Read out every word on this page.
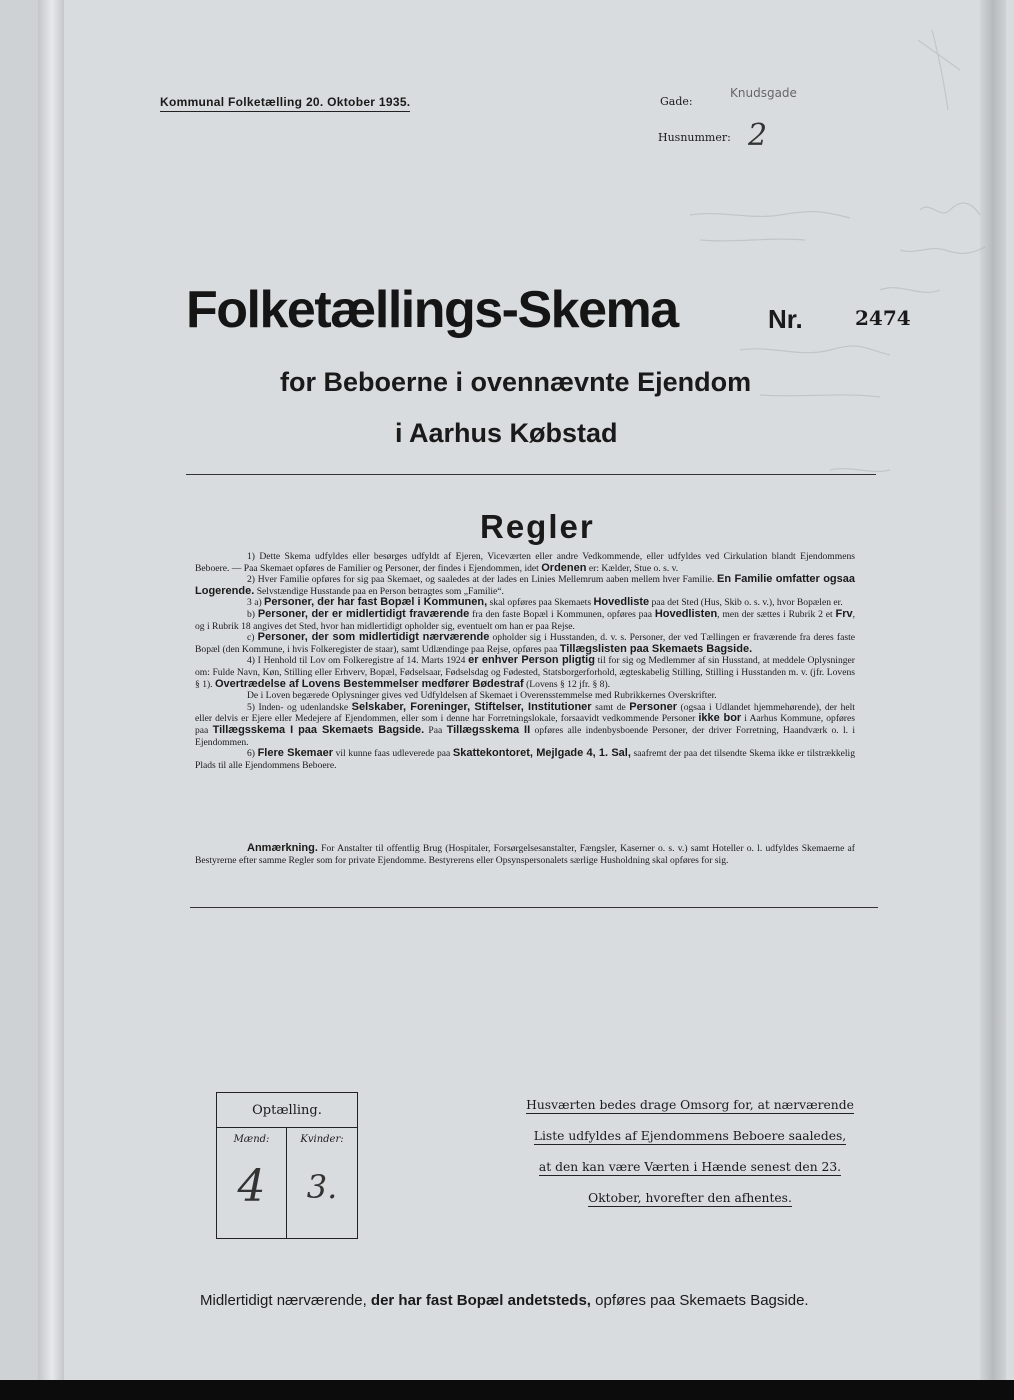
Kommunal Folketælling 20. Oktober 1935.	Gade:
Knudsgade
Husnummer: 2
Folketællings-Skema	Nr.	2474
for Beboerne i ovennævnte Ejendom
i Aarhus Købstad
Regler

1) Dette Skema udfyldes eller besørges udfyldt af Ejeren, Viceværten eller andre Vedkommende, eller udfyldes ved Cirkulation blandt Ejendommens Beboere. — Paa Skemaet opføres de Familier og Personer, der findes i Ejendommen, idet Ordenen er: Kælder, Stue o. s. v.

2) Hver Familie opføres for sig paa Skemaet, og saaledes at der lades en Linies Mellemrum aaben mellem hver Familie. En Familie omfatter ogsaa Logerende. Selvstændige Husstande paa en Person betragtes som „Familie“.

3 a) Personer, der har fast Bopæl i Kommunen, skal opføres paa Skemaets Hovedliste paa det Sted (Hus, Skib o. s. v.), hvor Bopælen er.

b) Personer, der er midlertidigt fraværende fra den faste Bopæl i Kommunen, opføres paa Hovedlisten, men der sættes i Rubrik 2 et Frv, og i Rubrik 18 angives det Sted, hvor han midlertidigt opholder sig, eventuelt om han er paa Rejse.

c) Personer, der som midlertidigt nærværende opholder sig i Husstanden, d. v. s. Personer, der ved Tællingen er fraværende fra deres faste Bopæl (den Kommune, i hvis Folkeregister de staar), samt Udlændinge paa Rejse, opføres paa Tillægslisten paa Skemaets Bagside.

4) I Henhold til Lov om Folkeregistre af 14. Marts 1924 er enhver Person pligtig til for sig og Medlemmer af sin Husstand, at meddele Oplysninger om: Fulde Navn, Køn, Stilling eller Erhverv, Bopæl, Fødselsaar, Fødselsdag og Fødested, Statsborgerforhold, ægteskabelig Stilling, Stilling i Husstanden m. v. (jfr. Lovens § 1). Overtrædelse af Lovens Bestemmelser medfører Bødestraf (Lovens § 12 jfr. § 8).

De i Loven begærede Oplysninger gives ved Udfyldelsen af Skemaet i Overensstemmelse med Rubrikkernes Overskrifter.

5) Inden- og udenlandske Selskaber, Foreninger, Stiftelser, Institutioner samt de Personer (ogsaa i Udlandet hjemmehørende), der helt eller delvis er Ejere eller Medejere af Ejendommen, eller som i denne har Forretningslokale, forsaavidt vedkommende Personer ikke bor i Aarhus Kommune, opføres paa Tillægsskema I paa Skemaets Bagside. Paa Tillægsskema II opføres alle indenbysboende Personer, der driver Forretning, Haandværk o. l. i Ejendommen.

6) Flere Skemaer vil kunne faas udleverede paa Skattekontoret, Mejlgade 4, 1. Sal, saafremt der paa det tilsendte Skema ikke er tilstrækkelig Plads til alle Ejendommens Beboere.

Anmærkning. For Anstalter til offentlig Brug (Hospitaler, Forsørgelsesanstalter, Fængsler, Kaserner o. s. v.) samt Hoteller o. l. udfyldes Skemaerne af Bestyrerne efter samme Regler som for private Ejendomme. Bestyrerens eller Opsynspersonalets særlige Husholdning skal opføres for sig.
Optælling.
Mænd:	Kvinder:
4	3.
Husværten bedes drage Omsorg for, at nærværende
Liste udfyldes af Ejendommens Beboere saaledes,
at den kan være Værten i Hænde senest den 23.
Oktober, hvorefter den afhentes.
Midlertidigt nærværende, der har fast Bopæl andetsteds, opføres paa Skemaets Bagside.
